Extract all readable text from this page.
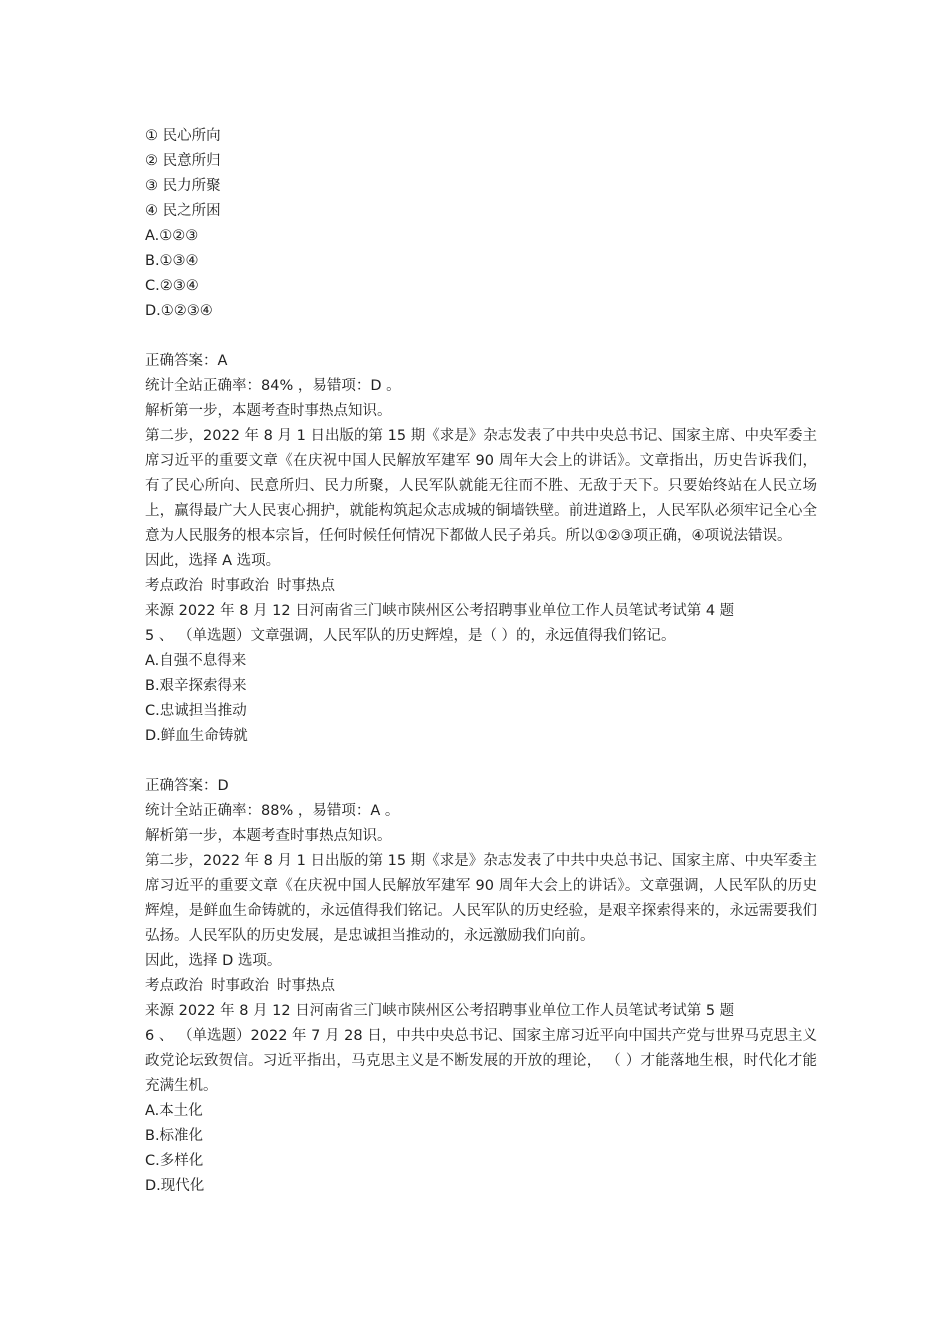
① 民心所向
② 民意所归
③ 民力所聚
④ 民之所困
A.①②③
B.①③④
C.②③④
D.①②③④
正确答案：A
统计全站正确率：84% ，易错项：D 。
解析第一步，本题考查时事热点知识。
第二步，2022 年 8 月 1 日出版的第 15 期《求是》杂志发表了中共中央总书记、国家主席、中央军委主席习近平的重要文章《在庆祝中国人民解放军建军 90 周年大会上的讲话》。文章指出，历史告诉我们，有了民心所向、民意所归、民力所聚，人民军队就能无往而不胜、无敌于天下。只要始终站在人民立场上，赢得最广大人民衷心拥护，就能构筑起众志成城的铜墙铁壁。前进道路上，人民军队必须牢记全心全意为人民服务的根本宗旨，任何时候任何情况下都做人民子弟兵。所以①②③项正确，④项说法错误。
因此，选择 A 选项。
考点政治 时事政治 时事热点
来源 2022 年 8 月 12 日河南省三门峡市陕州区公考招聘事业单位工作人员笔试考试第 4 题
5 、 （单选题）文章强调，人民军队的历史辉煌，是（ ）的，永远值得我们铭记。
A.自强不息得来
B.艰辛探索得来
C.忠诚担当推动
D.鲜血生命铸就
正确答案：D
统计全站正确率：88% ，易错项：A 。
解析第一步，本题考查时事热点知识。
第二步，2022 年 8 月 1 日出版的第 15 期《求是》杂志发表了中共中央总书记、国家主席、中央军委主席习近平的重要文章《在庆祝中国人民解放军建军 90 周年大会上的讲话》。文章强调，人民军队的历史辉煌，是鲜血生命铸就的，永远值得我们铭记。人民军队的历史经验，是艰辛探索得来的，永远需要我们弘扬。人民军队的历史发展，是忠诚担当推动的，永远激励我们向前。
因此，选择 D 选项。
考点政治 时事政治 时事热点
来源 2022 年 8 月 12 日河南省三门峡市陕州区公考招聘事业单位工作人员笔试考试第 5 题
6 、 （单选题）2022 年 7 月 28 日，中共中央总书记、国家主席习近平向中国共产党与世界马克思主义政党论坛致贺信。习近平指出，马克思主义是不断发展的开放的理论， （ ）才能落地生根，时代化才能充满生机。
A.本土化
B.标准化
C.多样化
D.现代化
